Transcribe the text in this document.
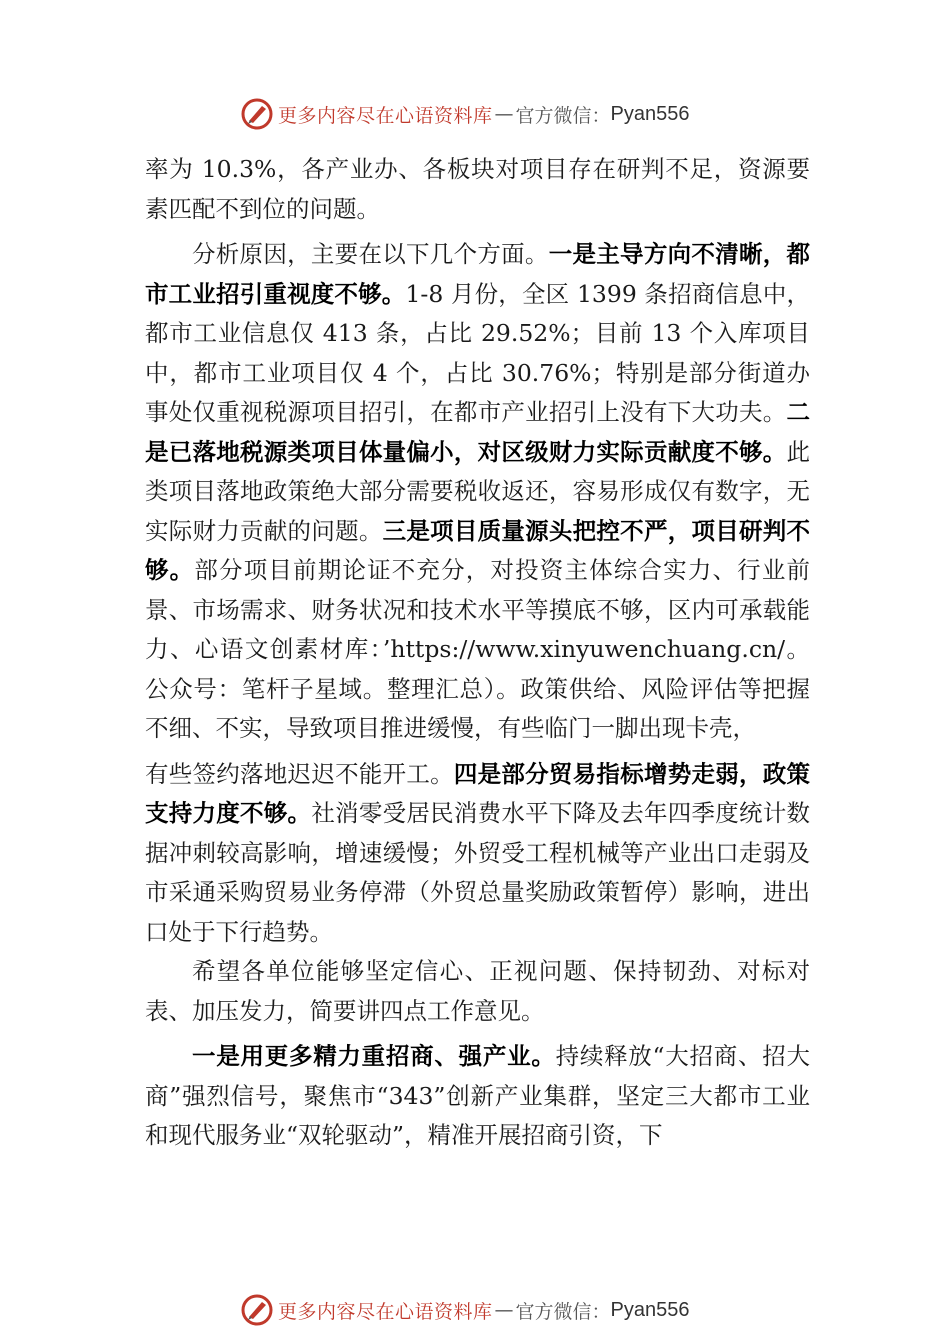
更多内容尽在心语资料库 — 官方微信： Pyan556

率为 10.3%，各产业办、各板块对项目存在研判不足，资源要素匹配不到位的问题。

分析原因，主要在以下几个方面。一是主导方向不清晰，都市工业招引重视度不够。1-8 月份，全区 1399 条招商信息中，都市工业信息仅 413 条，占比 29.52%；目前 13 个入库项目中，都市工业项目仅 4 个，占比 30.76%；特别是部分街道办事处仅重视税源项目招引，在都市产业招引上没有下大功夫。二是已落地税源类项目体量偏小，对区级财力实际贡献度不够。此类项目落地政策绝大部分需要税收返还，容易形成仅有数字，无实际财力贡献的问题。三是项目质量源头把控不严，项目研判不够。部分项目前期论证不充分，对投资主体综合实力、行业前景、市场需求、财务状况和技术水平等摸底不够，区内可承载能力、心语文创素材库：’https://www.xinyuwenchuang.cn/。公众号：笔杆子星域。整理汇总）。政策供给、风险评估等把握不细、不实，导致项目推进缓慢，有些临门一脚出现卡壳，

有些签约落地迟迟不能开工。四是部分贸易指标增势走弱，政策支持力度不够。社消零受居民消费水平下降及去年四季度统计数据冲刺较高影响，增速缓慢；外贸受工程机械等产业出口走弱及市采通采购贸易业务停滞（外贸总量奖励政策暂停）影响，进出口处于下行趋势。

希望各单位能够坚定信心、正视问题、保持韧劲、对标对表、加压发力，简要讲四点工作意见。

一是用更多精力重招商、强产业。持续释放“大招商、招大商”强烈信号，聚焦市“343”创新产业集群，坚定三大都市工业和现代服务业“双轮驱动”，精准开展招商引资，下

更多内容尽在心语资料库 — 官方微信： Pyan556
